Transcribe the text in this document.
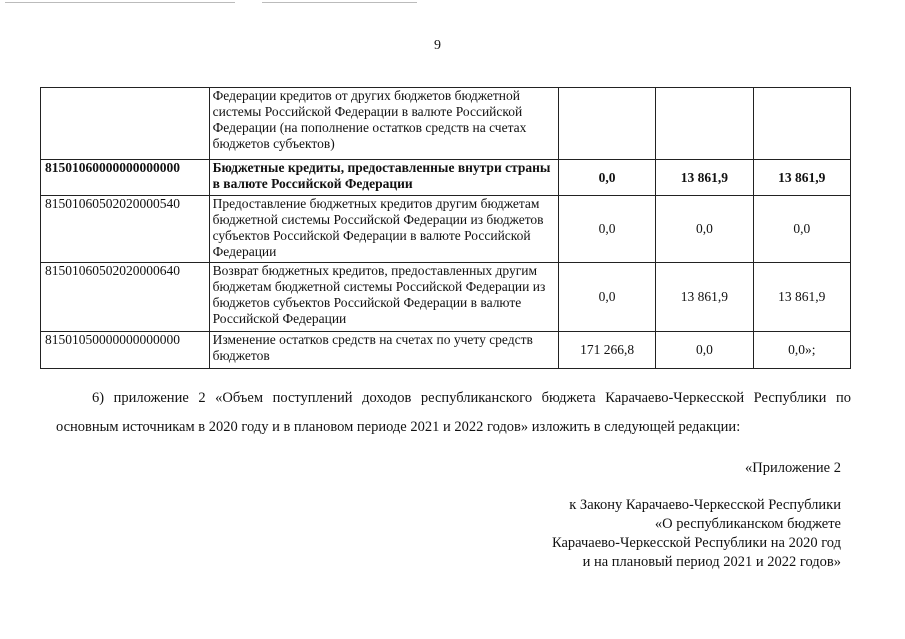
9
	Федерации кредитов от других бюджетов бюджетной системы Российской Федерации в валюте Российской Федерации (на пополнение остатков средств на счетах бюджетов субъектов)			
81501060000000000000	Бюджетные кредиты, предоставленные внутри страны в валюте Российской Федерации	0,0	13 861,9	13 861,9
81501060502020000540	Предоставление бюджетных кредитов другим бюджетам бюджетной системы Российской Федерации из бюджетов субъектов Российской Федерации в валюте Российской Федерации	0,0	0,0	0,0
81501060502020000640	Возврат бюджетных кредитов, предоставленных другим бюджетам бюджетной системы Российской Федерации из бюджетов субъектов Российской Федерации в валюте Российской Федерации	0,0	13 861,9	13 861,9
81501050000000000000	Изменение остатков средств на счетах по учету средств бюджетов	171 266,8	0,0	0,0»;
6) приложение 2 «Объем поступлений доходов республиканского бюджета Карачаево-Черкесской Республики по основным источникам в 2020 году и в плановом периоде 2021 и 2022 годов» изложить в следующей редакции:
«Приложение 2
к Закону Карачаево-Черкесской Республики
«О республиканском бюджете
Карачаево-Черкесской Республики на 2020 год
и на плановый период 2021 и 2022 годов»
